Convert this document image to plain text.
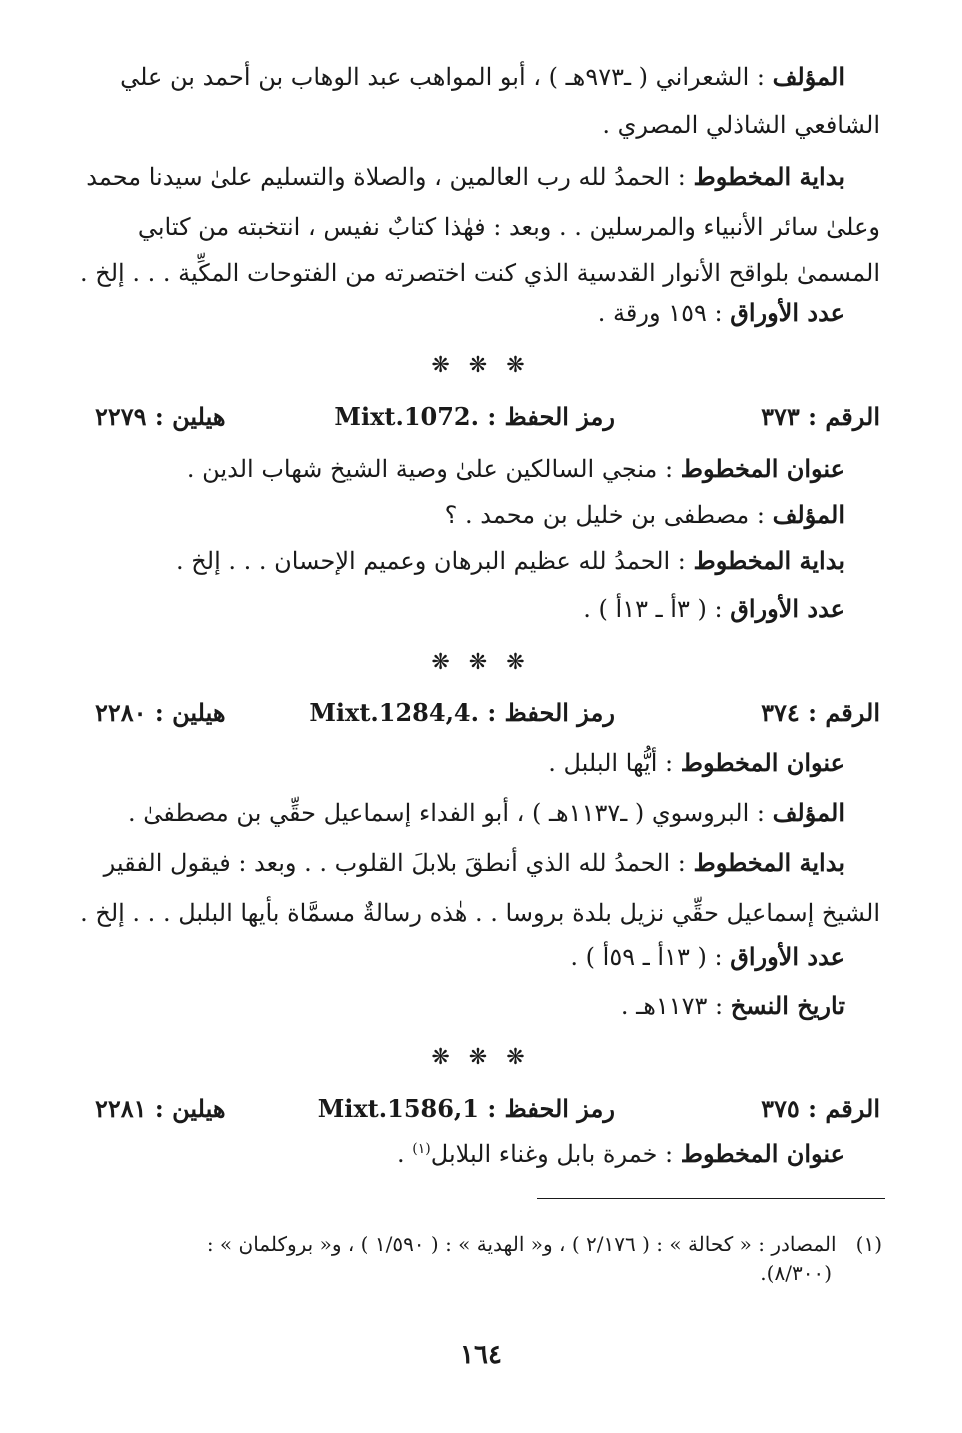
المؤلف : الشعراني ( ـ٩٧٣هـ ) ، أبو المواهب عبد الوهاب بن أحمد بن علي
الشافعي الشاذلي المصري .
بداية المخطوط : الحمدُ لله رب العالمين ، والصلاة والتسليم علىٰ سيدنا محمد
وعلىٰ سائر الأنبياء والمرسلين . . وبعد : فهٰذا كتابٌ نفيس ، انتخبته من كتابي
المسمىٰ بلواقح الأنوار القدسية الذي كنت اختصرته من الفتوحات المكِّية . . . إلخ .
عدد الأوراق : ١٥٩ ورقة .
❋ ❋ ❋
الرقم : ٣٧٣
رمز الحفظ : Mixt.1072.
هيلين : ٢٢٧٩
عنوان المخطوط : منجي السالكين علىٰ وصية الشيخ شهاب الدين .
المؤلف : مصطفى بن خليل بن محمد . ؟
بداية المخطوط : الحمدُ لله عظيم البرهان وعميم الإحسان . . . إلخ .
عدد الأوراق : ( ٣أ ـ ١٣أ ) .
❋ ❋ ❋
الرقم : ٣٧٤
رمز الحفظ : Mixt.1284,4.
هيلين : ٢٢٨٠
عنوان المخطوط : أيُّها البلبل .
المؤلف : البروسوي ( ـ١١٣٧هـ ) ، أبو الفداء إسماعيل حقِّي بن مصطفىٰ .
بداية المخطوط : الحمدُ لله الذي أنطقَ بلابلَ القلوب . . وبعد : فيقول الفقير
الشيخ إسماعيل حقِّي نزيل بلدة بروسا . . هٰذه رسالةٌ مسمَّاة بأيها البلبل . . . إلخ .
عدد الأوراق : ( ١٣أ ـ ٥٩أ ) .
تاريخ النسخ : ١١٧٣هـ .
❋ ❋ ❋
الرقم : ٣٧٥
رمز الحفظ : Mixt.1586,1
هيلين : ٢٢٨١
عنوان المخطوط : خمرة بابل وغناء البلابل$^{(١)}$ .
(١)   المصادر : « كحالة » : ( ٢/١٧٦ ) ، و« الهدية » : ( ١/٥٩٠ ) ، و« بروكلمان » :
(٨/٣٠٠).
١٦٤
